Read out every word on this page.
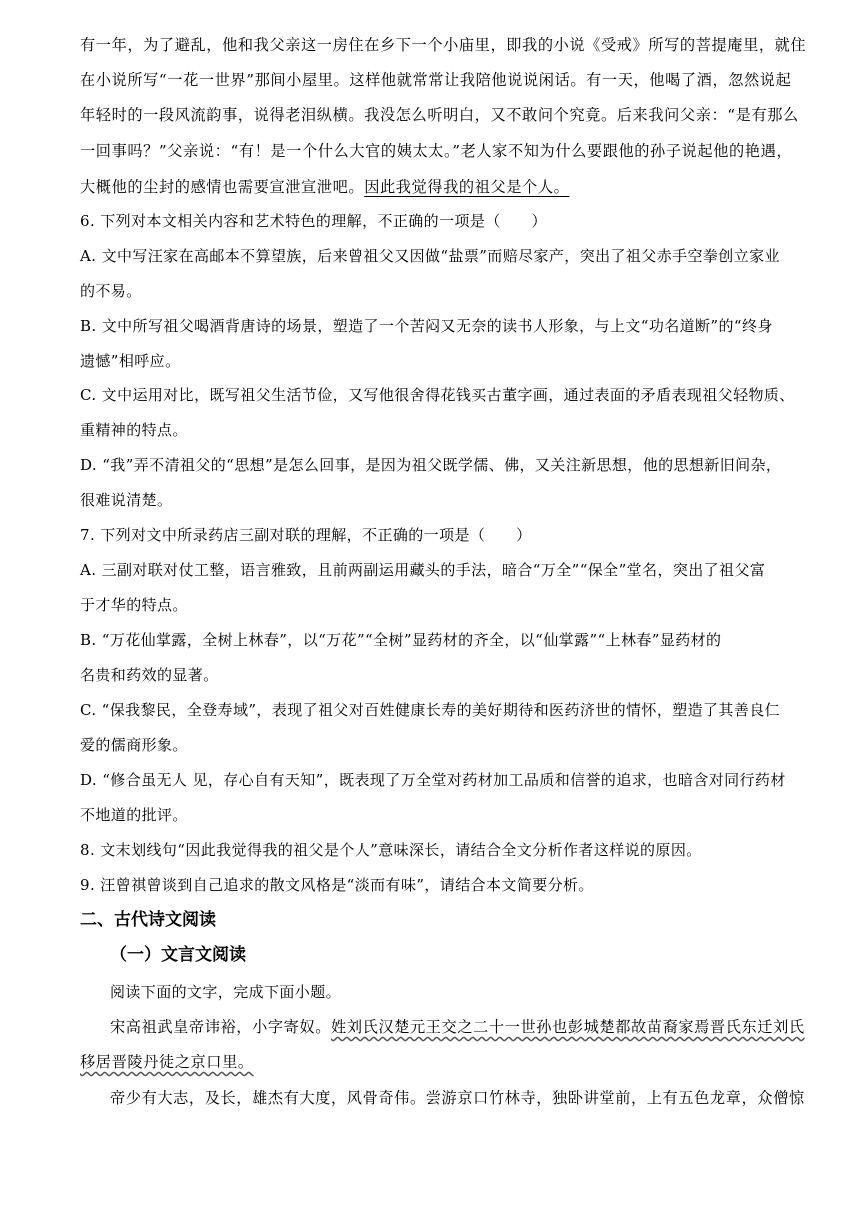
有一年，为了避乱，他和我父亲这一房住在乡下一个小庙里，即我的小说《受戒》所写的菩提庵里，就住
在小说所写“一花一世界”那间小屋里。这样他就常常让我陪他说说闲话。有一天，他喝了酒，忽然说起
年轻时的一段风流韵事，说得老泪纵横。我没怎么听明白，又不敢问个究竟。后来我问父亲：“是有那么
一回事吗？”父亲说：“有！是一个什么大官的姨太太。”老人家不知为什么要跟他的孙子说起他的艳遇，
大概他的尘封的感情也需要宣泄宣泄吧。因此我觉得我的祖父是个人。
6. 下列对本文相关内容和艺术特色的理解，不正确的一项是（　　）
A. 文中写汪家在高邮本不算望族，后来曾祖父又因做“盐票”而赔尽家产，突出了祖父赤手空拳创立家业
的不易。
B. 文中所写祖父喝酒背唐诗的场景，塑造了一个苦闷又无奈的读书人形象，与上文“功名道断”的“终身
遗憾”相呼应。
C. 文中运用对比，既写祖父生活节俭，又写他很舍得花钱买古董字画，通过表面的矛盾表现祖父轻物质、
重精神的特点。
D. “我”弄不清祖父的“思想”是怎么回事，是因为祖父既学儒、佛，又关注新思想，他的思想新旧间杂，
很难说清楚。
7. 下列对文中所录药店三副对联的理解，不正确的一项是（　　）
A. 三副对联对仗工整，语言雅致，且前两副运用藏头的手法，暗合“万全”“保全”堂名，突出了祖父富
于才华的特点。
B. “万花仙掌露，全树上林春”，以“万花”“全树”显药材的齐全，以“仙掌露”“上林春”显药材的
名贵和药效的显著。
C. “保我黎民，全登寿域”，表现了祖父对百姓健康长寿的美好期待和医药济世的情怀，塑造了其善良仁
爱的儒商形象。
D. “修合虽无人 见，存心自有天知”，既表现了万全堂对药材加工品质和信誉的追求，也暗含对同行药材
不地道的批评。
8. 文末划线句“因此我觉得我的祖父是个人”意味深长，请结合全文分析作者这样说的原因。
9. 汪曾祺曾谈到自己追求的散文风格是“淡而有味”，请结合本文简要分析。
二、古代诗文阅读
（一）文言文阅读
阅读下面的文字，完成下面小题。
宋高祖武皇帝讳裕，小字寄奴。姓刘氏汉楚元王交之二十一世孙也彭城楚都故苗裔家焉晋氏东迁刘氏
移居晋陵丹徒之京口里。
帝少有大志，及长，雄杰有大度，风骨奇伟。尝游京口竹林寺，独卧讲堂前，上有五色龙章，众僧惊
